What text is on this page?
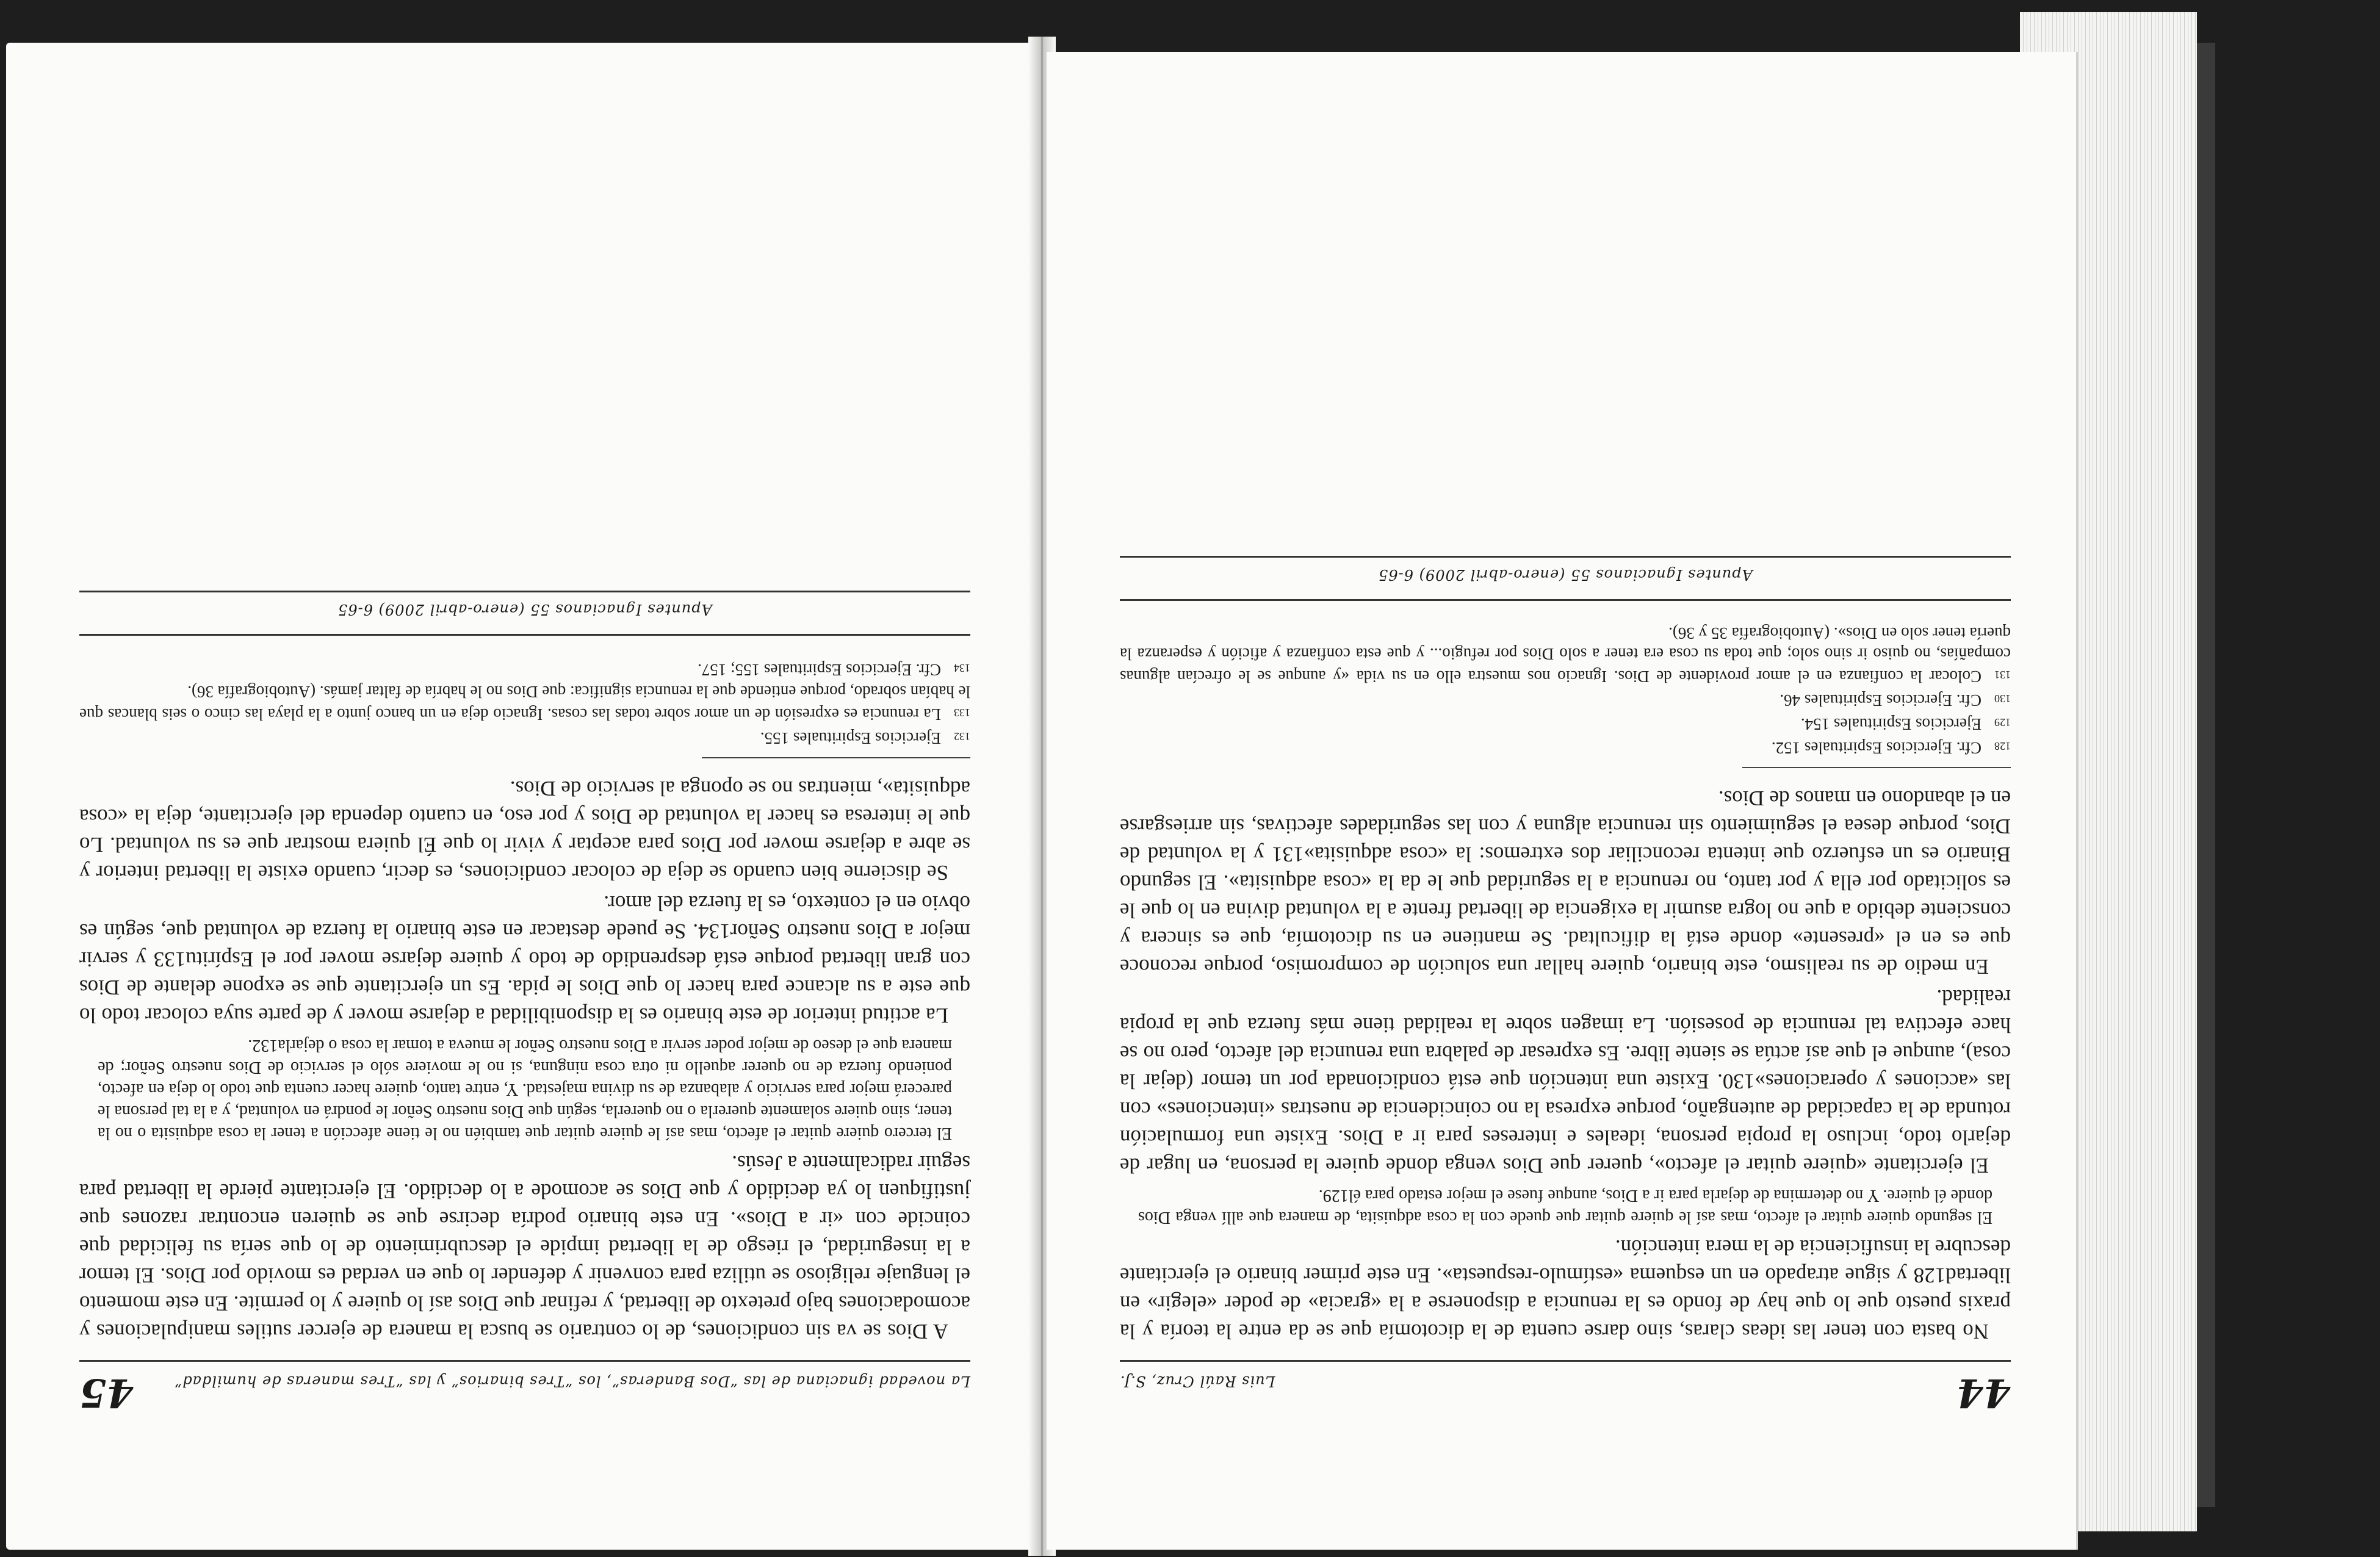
La novedad ignaciana de las “Dos Banderas”, los “Tres binarios” y las “Tres maneras de humildad”
45

A Dios se va sin condiciones, de lo contrario se busca la manera de ejercer sutiles manipulaciones y acomodaciones bajo pretexto de libertad, y refinar que Dios así lo quiere y lo permite. En este momento el lenguaje religioso se utiliza para convenir y defender lo que en verdad es movido por Dios. El temor a la inseguridad, el riesgo de la libertad impide el descubrimiento de lo que sería su felicidad que coincide con «ir a Dios». En este binario podría decirse que se quieren encontrar razones que justifiquen lo ya decidido y que Dios se acomode a lo decidido. El ejercitante pierde la libertad para seguir radicalmente a Jesús.

El tercero quiere quitar el afecto, mas así le quiere quitar que también no le tiene afección a tener la cosa adquisita o no la tener, sino quiere solamente quererla o no quererla, según que Dios nuestro Señor le pondrá en voluntad, y a la tal persona le parecerá mejor para servicio y alabanza de su divina majestad. Y, entre tanto, quiere hacer cuenta que todo lo deja en afecto, poniendo fuerza de no querer aquello ni otra cosa ninguna, si no le moviere sólo el servicio de Dios nuestro Señor; de manera que el deseo de mejor poder servir a Dios nuestro Señor le mueva a tomar la cosa o dejarla132.

La actitud interior de este binario es la disponibilidad a dejarse mover y de parte suya colocar todo lo que este a su alcance para hacer lo que Dios le pida. Es un ejercitante que se expone delante de Dios con gran libertad porque está desprendido de todo y quiere dejarse mover por el Espíritu133 y servir mejor a Dios nuestro Señor134. Se puede destacar en este binario la fuerza de voluntad que, según es obvio en el contexto, es la fuerza del amor.

Se discierne bien cuando se deja de colocar condiciones, es decir, cuando existe la libertad interior y se abre a dejarse mover por Dios para aceptar y vivir lo que Él quiera mostrar que es su voluntad. Lo que le interesa es hacer la voluntad de Dios y por eso, en cuanto dependa del ejercitante, deja la «cosa adquisita», mientras no se oponga al servicio de Dios.

132Ejercicios Espirituales 155.
133La renuncia es expresión de un amor sobre todas las cosas. Ignacio deja en un banco junto a la playa las cinco o seis blancas que le habían sobrado, porque entiende que la renuncia significa: que Dios no le habría de faltar jamás. (Autobiografía 36).
134Cfr. Ejercicios Espirituales 155; 157.
Apuntes Ignacianos 55 (enero-abril 2009) 6-65
44
Luis Raúl Cruz, S.J.

No basta con tener las ideas claras, sino darse cuenta de la dicotomía que se da entre la teoría y la praxis puesto que lo que hay de fondo es la renuncia a disponerse a la «gracia» de poder «elegir» en libertad128 y sigue atrapado en un esquema «estímulo-respuesta». En este primer binario el ejercitante descubre la insuficiencia de la mera intención.

El segundo quiere quitar el afecto, mas así le quiere quitar que quede con la cosa adquisita, de manera que allí venga Dios donde él quiere. Y no determina de dejarla para ir a Dios, aunque fuese el mejor estado para él129.

El ejercitante «quiere quitar el afecto», querer que Dios venga donde quiere la persona, en lugar de dejarlo todo, incluso la propia persona, ideales e intereses para ir a Dios. Existe una formulación rotunda de la capacidad de autengaño, porque expresa la no coincidencia de nuestras «intenciones» con las «acciones y operaciones»130. Existe una intención que está condicionada por un temor (dejar la cosa), aunque el que así actúa se siente libre. Es expresar de palabra una renuncia del afecto, pero no se hace efectiva tal renuncia de posesión. La imagen sobre la realidad tiene más fuerza que la propia realidad.

En medio de su realismo, este binario, quiere hallar una solución de compromiso, porque reconoce que es en el «presente» donde está la dificultad. Se mantiene en su dicotomía, que es sincera y consciente debido a que no logra asumir la exigencia de libertad frente a la voluntad divina en lo que le es solicitado por ella y por tanto, no renuncia a la seguridad que le da la «cosa adquisita». El segundo Binario es un esfuerzo que intenta reconciliar dos extremos: la «cosa adquisita»131 y la voluntad de Dios, porque desea el seguimiento sin renuncia alguna y con las seguridades afectivas, sin arriesgarse en el abandono en manos de Dios.

128Cfr. Ejercicios Espirituales 152.
129Ejercicios Espirituales 154.
130Cfr. Ejercicios Espirituales 46.
131Colocar la confianza en el amor providente de Dios. Ignacio nos muestra ello en su vida «y aunque se le ofrecían algunas compañías, no quiso ir sino solo; que toda su cosa era tener a solo Dios por refugio... y que esta confianza y afición y esperanza la quería tener solo en Dios». (Autobiografía 35 y 36).
Apuntes Ignacianos 55 (enero-abril 2009) 6-65
